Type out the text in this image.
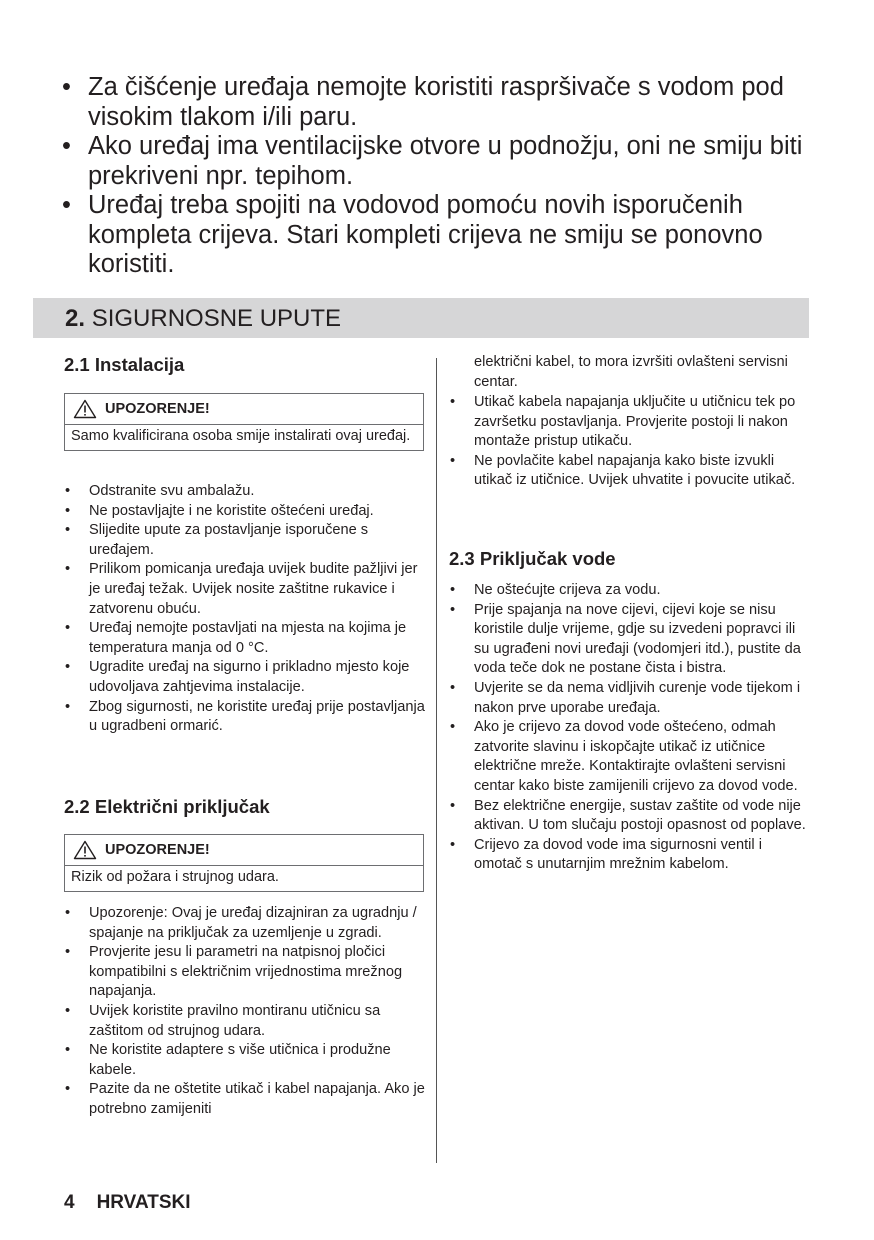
• Za čišćenje uređaja nemojte koristiti raspršivače s vodom pod visokim tlakom i/ili paru.
• Ako uređaj ima ventilacijske otvore u podnožju, oni ne smiju biti prekriveni npr. tepihom.
• Uređaj treba spojiti na vodovod pomoću novih isporučenih kompleta crijeva. Stari kompleti crijeva ne smiju se ponovno koristiti.
2. SIGURNOSNE UPUTE
2.1 Instalacija
UPOZORENJE!
Samo kvalificirana osoba smije instalirati ovaj uređaj.
• Odstranite svu ambalažu.
• Ne postavljajte i ne koristite oštećeni uređaj.
• Slijedite upute za postavljanje isporučene s uređajem.
• Prilikom pomicanja uređaja uvijek budite pažljivi jer je uređaj težak. Uvijek nosite zaštitne rukavice i zatvorenu obuću.
• Uređaj nemojte postavljati na mjesta na kojima je temperatura manja od 0 °C.
• Ugradite uređaj na sigurno i prikladno mjesto koje udovoljava zahtjevima instalacije.
• Zbog sigurnosti, ne koristite uređaj prije postavljanja u ugradbeni ormarić.
2.2 Električni priključak
UPOZORENJE!
Rizik od požara i strujnog udara.
• Upozorenje: Ovaj je uređaj dizajniran za ugradnju / spajanje na priključak za uzemljenje u zgradi.
• Provjerite jesu li parametri na natpisnoj pločici kompatibilni s električnim vrijednostima mrežnog napajanja.
• Uvijek koristite pravilno montiranu utičnicu sa zaštitom od strujnog udara.
• Ne koristite adaptere s više utičnica i produžne kabele.
• Pazite da ne oštetite utikač i kabel napajanja. Ako je potrebno zamijeniti

električni kabel, to mora izvršiti ovlašteni servisni centar.

• Utikač kabela napajanja uključite u utičnicu tek po završetku postavljanja. Provjerite postoji li nakon montaže pristup utikaču.
• Ne povlačite kabel napajanja kako biste izvukli utikač iz utičnice. Uvijek uhvatite i povucite utikač.
2.3 Priključak vode
• Ne oštećujte crijeva za vodu.
• Prije spajanja na nove cijevi, cijevi koje se nisu koristile dulje vrijeme, gdje su izvedeni popravci ili su ugrađeni novi uređaji (vodomjeri itd.), pustite da voda teče dok ne postane čista i bistra.
• Uvjerite se da nema vidljivih curenje vode tijekom i nakon prve uporabe uređaja.
• Ako je crijevo za dovod vode oštećeno, odmah zatvorite slavinu i iskopčajte utikač iz utičnice električne mreže. Kontaktirajte ovlašteni servisni centar kako biste zamijenili crijevo za dovod vode.
• Bez električne energije, sustav zaštite od vode nije aktivan. U tom slučaju postoji opasnost od poplave.
• Crijevo za dovod vode ima sigurnosni ventil i omotač s unutarnjim mrežnim kabelom.
4 HRVATSKI
